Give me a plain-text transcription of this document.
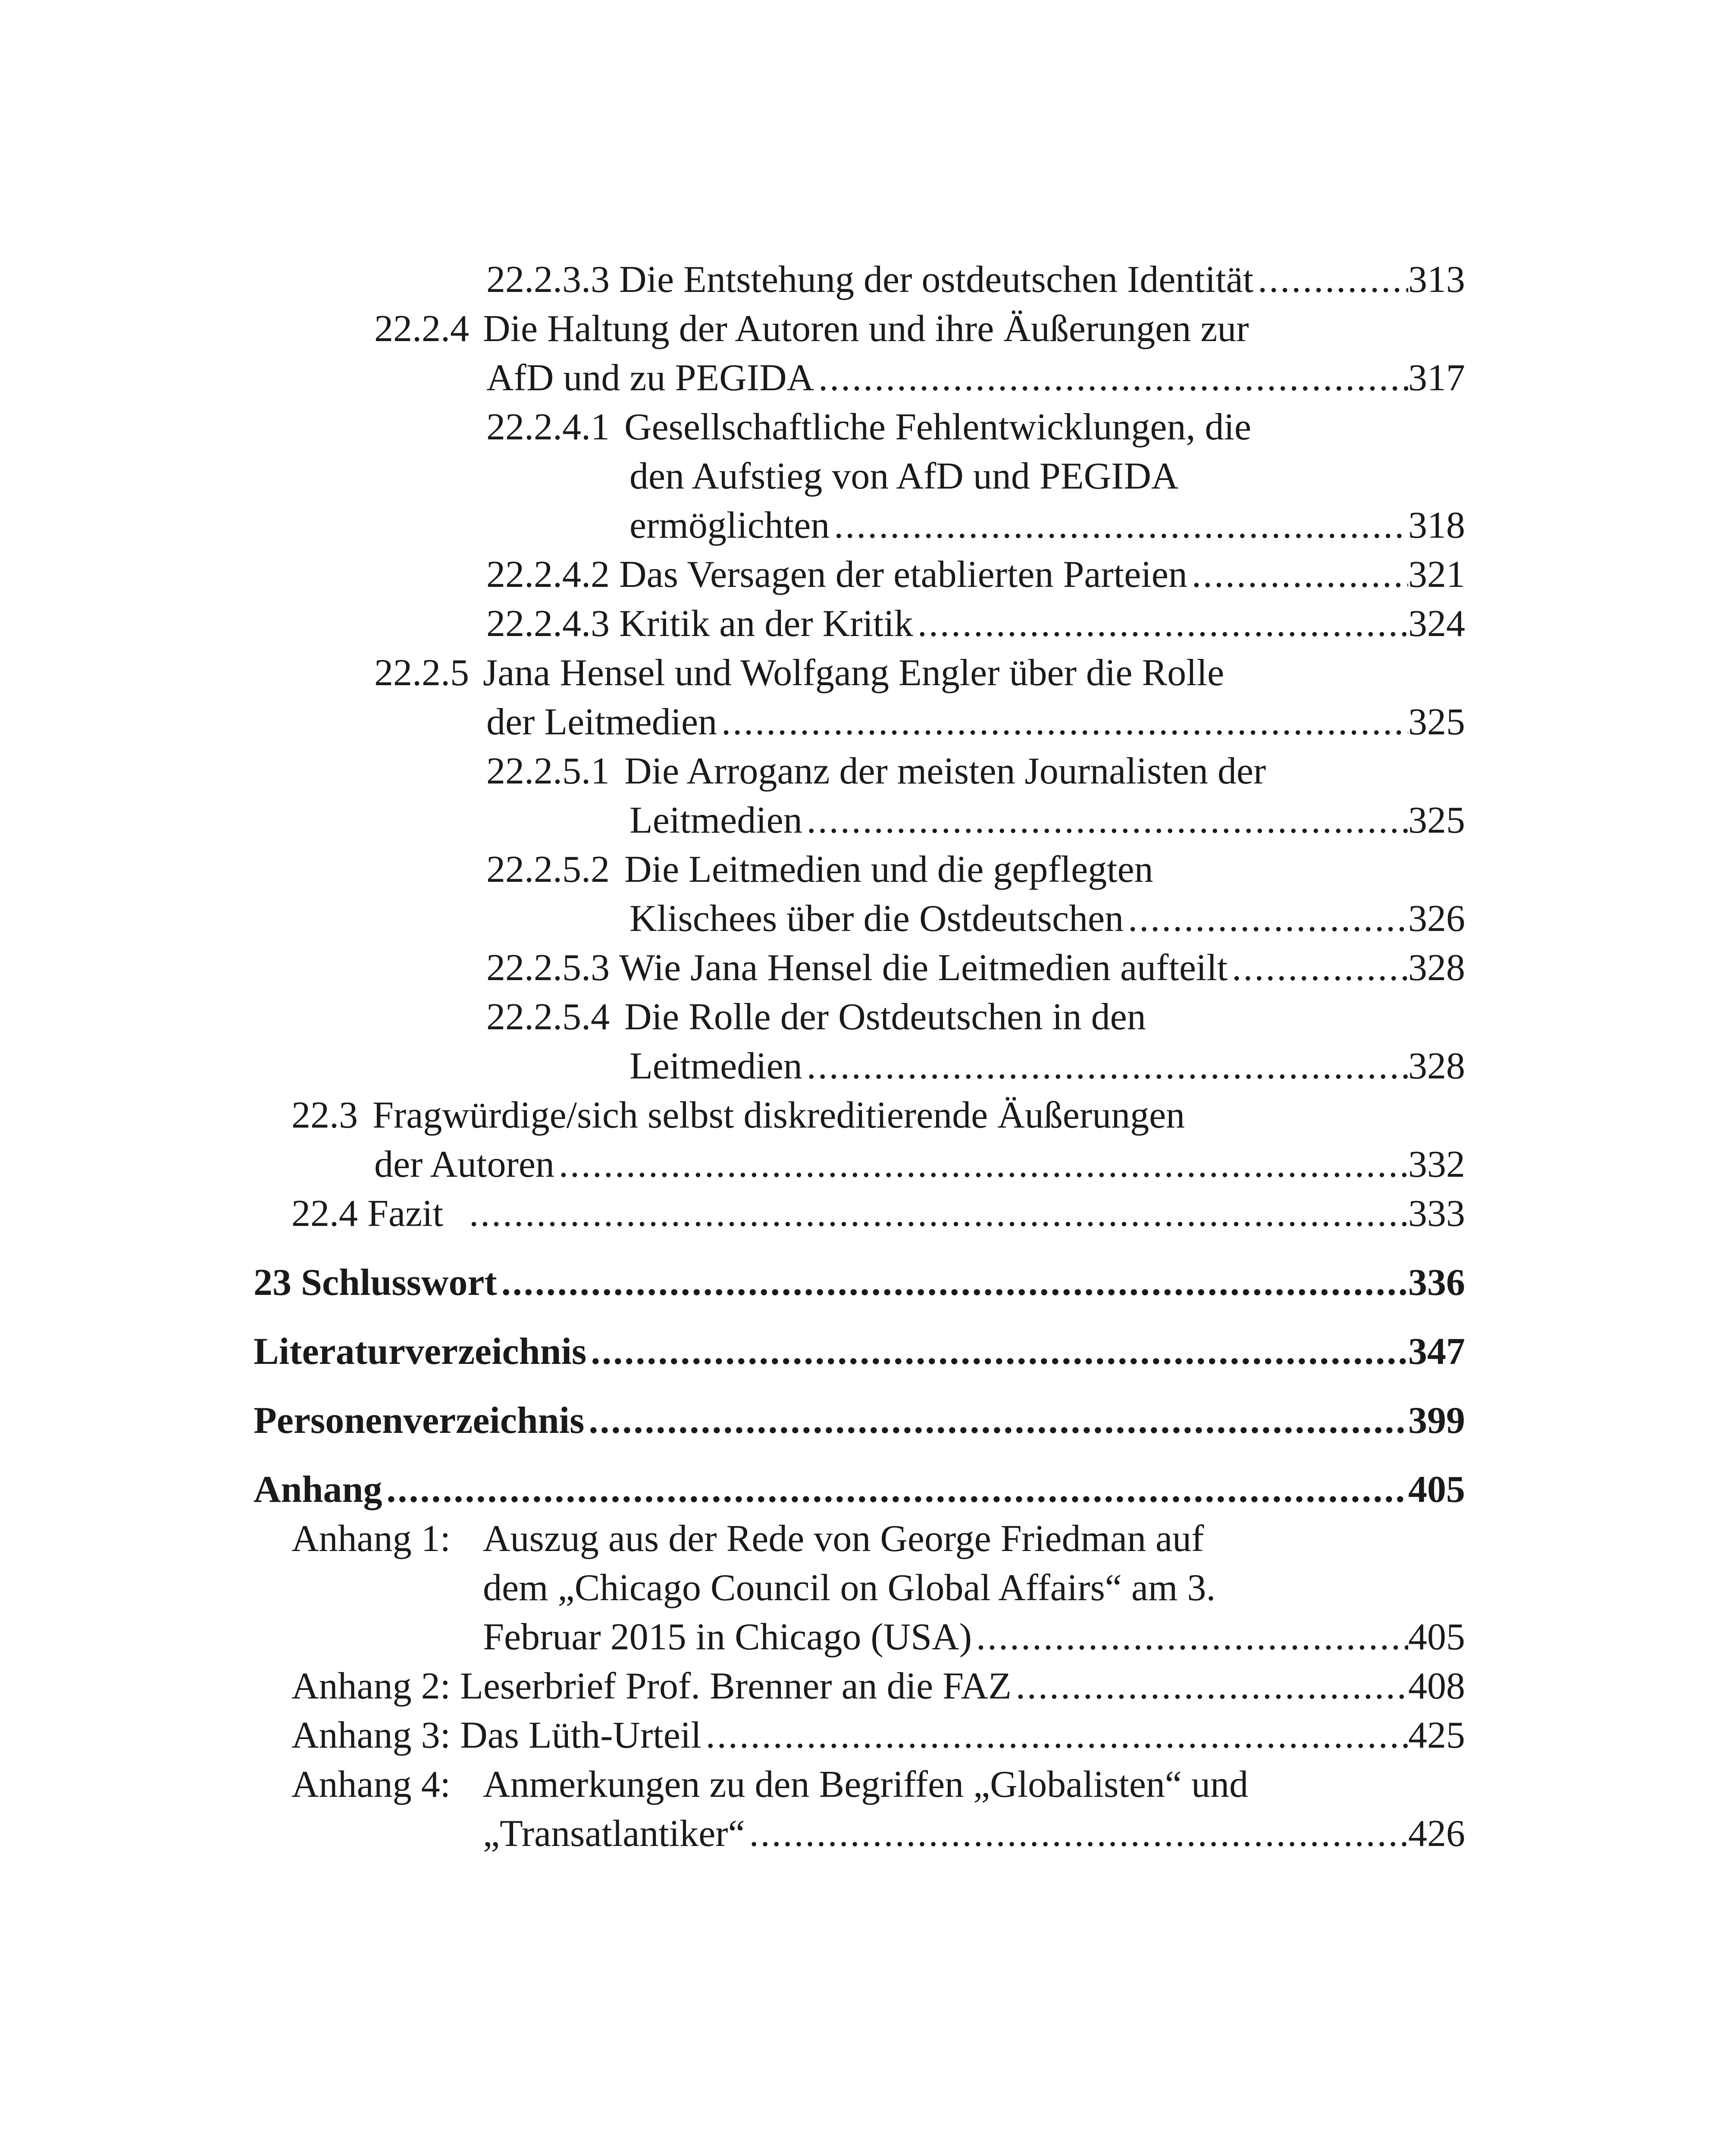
22.2.3.3 Die Entstehung der ostdeutschen Identität .....	313
22.2.4 Die Haltung der Autoren und ihre Äußerungen zur
AfD und zu PEGIDA .....	317
22.2.4.1 Gesellschaftliche Fehlentwicklungen, die
den Aufstieg von AfD und PEGIDA
ermöglichten .....	318
22.2.4.2 Das Versagen der etablierten Parteien .....	321
22.2.4.3 Kritik an der Kritik .....	324
22.2.5 Jana Hensel und Wolfgang Engler über die Rolle
der Leitmedien .....	325
22.2.5.1 Die Arroganz der meisten Journalisten der
Leitmedien .....	325
22.2.5.2 Die Leitmedien und die gepflegten
Klischees über die Ostdeutschen .....	326
22.2.5.3 Wie Jana Hensel die Leitmedien aufteilt .....	328
22.2.5.4 Die Rolle der Ostdeutschen in den
Leitmedien .....	328
22.3 Fragwürdige/sich selbst diskreditierende Äußerungen
der Autoren .....	332
22.4 Fazit .....	333
23 Schlusswort .....	336
Literaturverzeichnis .....	347
Personenverzeichnis .....	399
Anhang .....	405
Anhang 1: Auszug aus der Rede von George Friedman auf
dem „Chicago Council on Global Affairs“ am 3.
Februar 2015 in Chicago (USA) .....	405
Anhang 2: Leserbrief Prof. Brenner an die FAZ .....	408
Anhang 3: Das Lüth-Urteil .....	425
Anhang 4: Anmerkungen zu den Begriffen „Globalisten“ und
„Transatlantiker“ .....	426
